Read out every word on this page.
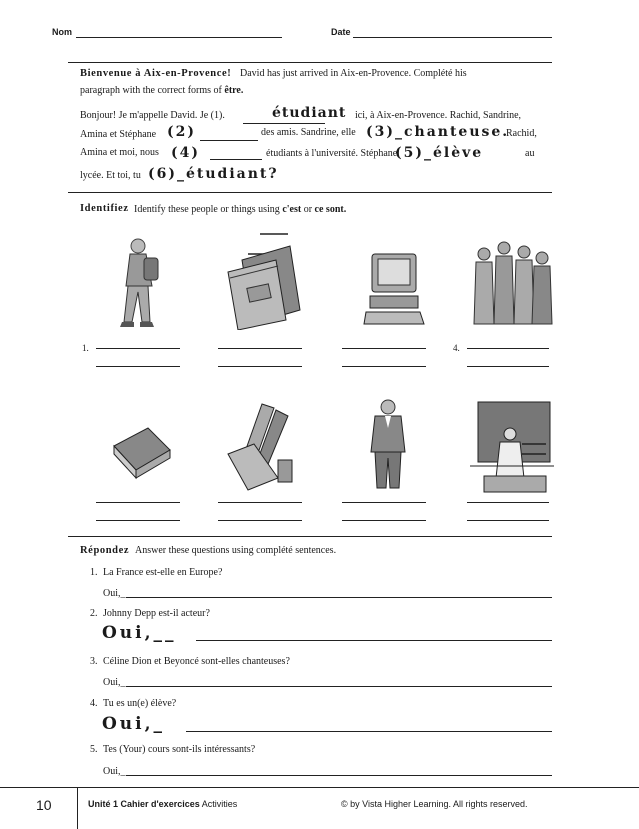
Nom	Date
Bienvenue à Aix-en-Provence! David has just arrived in Aix-en-Provence. Complété his
paragraph with the correct forms of être.
Bonjour! Je m'appelle David. Je (1).	étudiant ici, à Aix-en-Provence. Rachid, Sandrine,
Amina et Stéphane (2)	des amis. Sandrine, elle (3)_chanteuse.
Rachid,
Amina et moi, nous (4)	étudiants à l'université. Stéphane
(5)_élève	au
lycée. Et toi, tu (6)_étudiant?
Identifiez Identify these people or things using c'est or ce sont.
1.	4.
Répondez Answer these questions using complété sentences.
1. La France est-elle en Europe?
Oui,_
2. Johnny Depp est-il acteur?
Oui,__
3. Céline Dion et Beyoncé sont-elles chanteuses?
Oui,_
4. Tu es un(e) élève?
Oui,_
5. Tes (Your) cours sont-ils intéressants?
Oui,_
10	Unité 1 Cahier d'exercices Activities	© by Vista Higher Learning. All rights reserved.
